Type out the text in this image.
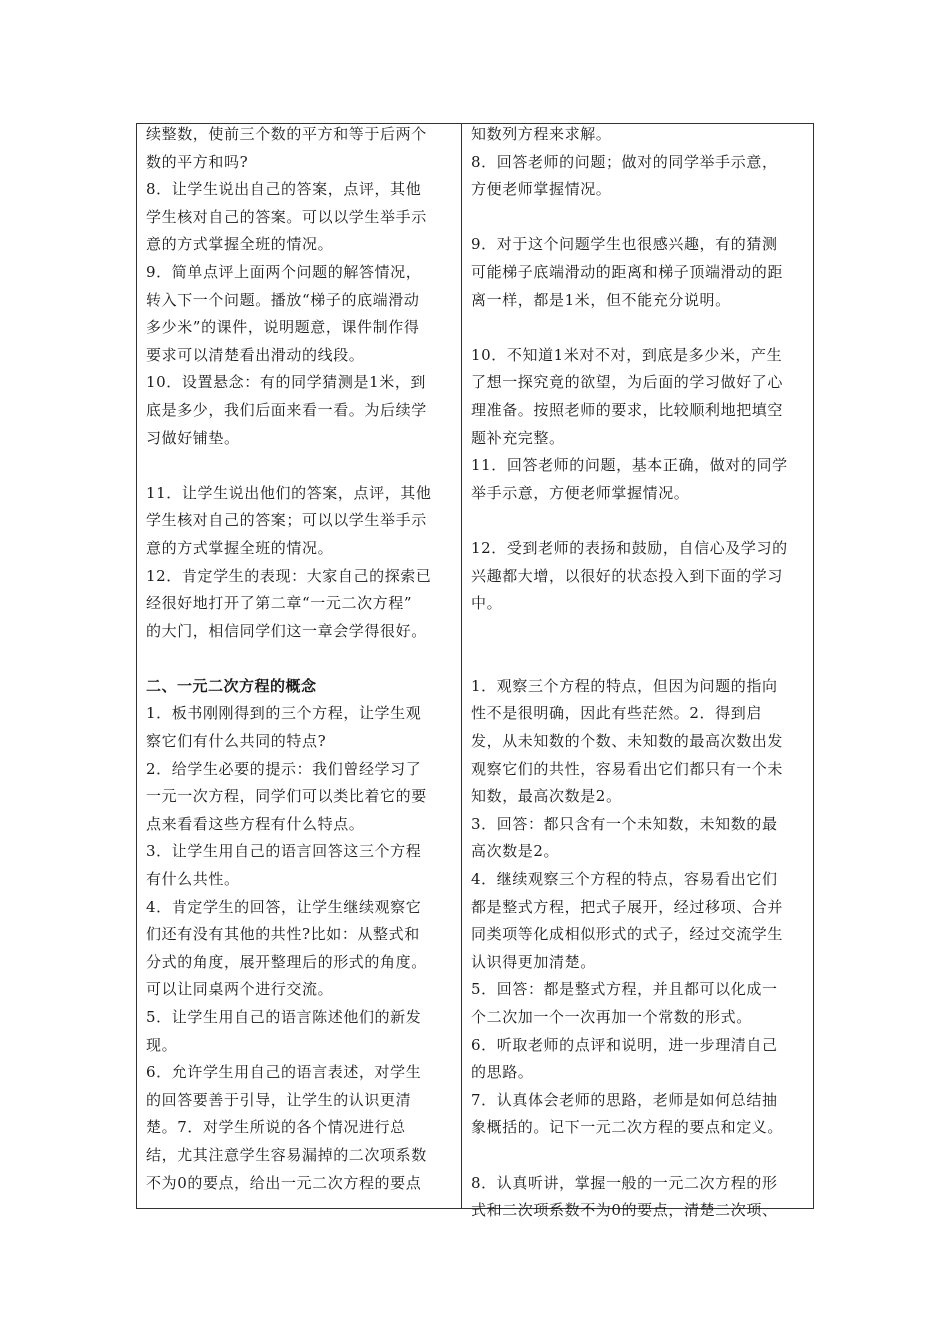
续整数，使前三个数的平方和等于后两个
数的平方和吗?
8．让学生说出自己的答案，点评，其他
学生核对自己的答案。可以以学生举手示
意的方式掌握全班的情况。
9．简单点评上面两个问题的解答情况，
转入下一个问题。播放“梯子的底端滑动
多少米”的课件，说明题意，课件制作得
要求可以清楚看出滑动的线段。
10．设置悬念：有的同学猜测是1米，到
底是多少，我们后面来看一看。为后续学
习做好铺垫。
11．让学生说出他们的答案，点评，其他
学生核对自己的答案；可以以学生举手示
意的方式掌握全班的情况。
12．肯定学生的表现：大家自己的探索已
经很好地打开了第二章“一元二次方程”
的大门，相信同学们这一章会学得很好。
二、一元二次方程的概念
1．板书刚刚得到的三个方程，让学生观
察它们有什么共同的特点?
2．给学生必要的提示：我们曾经学习了
一元一次方程，同学们可以类比着它的要
点来看看这些方程有什么特点。
3．让学生用自己的语言回答这三个方程
有什么共性。
4．肯定学生的回答，让学生继续观察它
们还有没有其他的共性?比如：从整式和
分式的角度，展开整理后的形式的角度。
可以让同桌两个进行交流。
5．让学生用自己的语言陈述他们的新发
现。
6．允许学生用自己的语言表述，对学生
的回答要善于引导，让学生的认识更清
楚。7．对学生所说的各个情况进行总
结，尤其注意学生容易漏掉的二次项系数
不为0的要点，给出一元二次方程的要点
知数列方程来求解。
8．回答老师的问题；做对的同学举手示意，
方便老师掌握情况。
9．对于这个问题学生也很感兴趣，有的猜测
可能梯子底端滑动的距离和梯子顶端滑动的距
离一样，都是1米，但不能充分说明。
10．不知道1米对不对，到底是多少米，产生
了想一探究竟的欲望，为后面的学习做好了心
理准备。按照老师的要求，比较顺利地把填空
题补充完整。
11．回答老师的问题，基本正确，做对的同学
举手示意，方便老师掌握情况。
12．受到老师的表扬和鼓励，自信心及学习的
兴趣都大增，以很好的状态投入到下面的学习
中。
1．观察三个方程的特点，但因为问题的指向
性不是很明确，因此有些茫然。2．得到启
发，从未知数的个数、未知数的最高次数出发
观察它们的共性，容易看出它们都只有一个未
知数，最高次数是2。
3．回答：都只含有一个未知数，未知数的最
高次数是2。
4．继续观察三个方程的特点，容易看出它们
都是整式方程，把式子展开，经过移项、合并
同类项等化成相似形式的式子，经过交流学生
认识得更加清楚。
5．回答：都是整式方程，并且都可以化成一
个二次加一个一次再加一个常数的形式。
6．听取老师的点评和说明，进一步理清自己
的思路。
7．认真体会老师的思路，老师是如何总结抽
象概括的。记下一元二次方程的要点和定义。
8．认真听讲，掌握一般的一元二次方程的形
式和二次项系数不为0的要点，清楚二次项、
